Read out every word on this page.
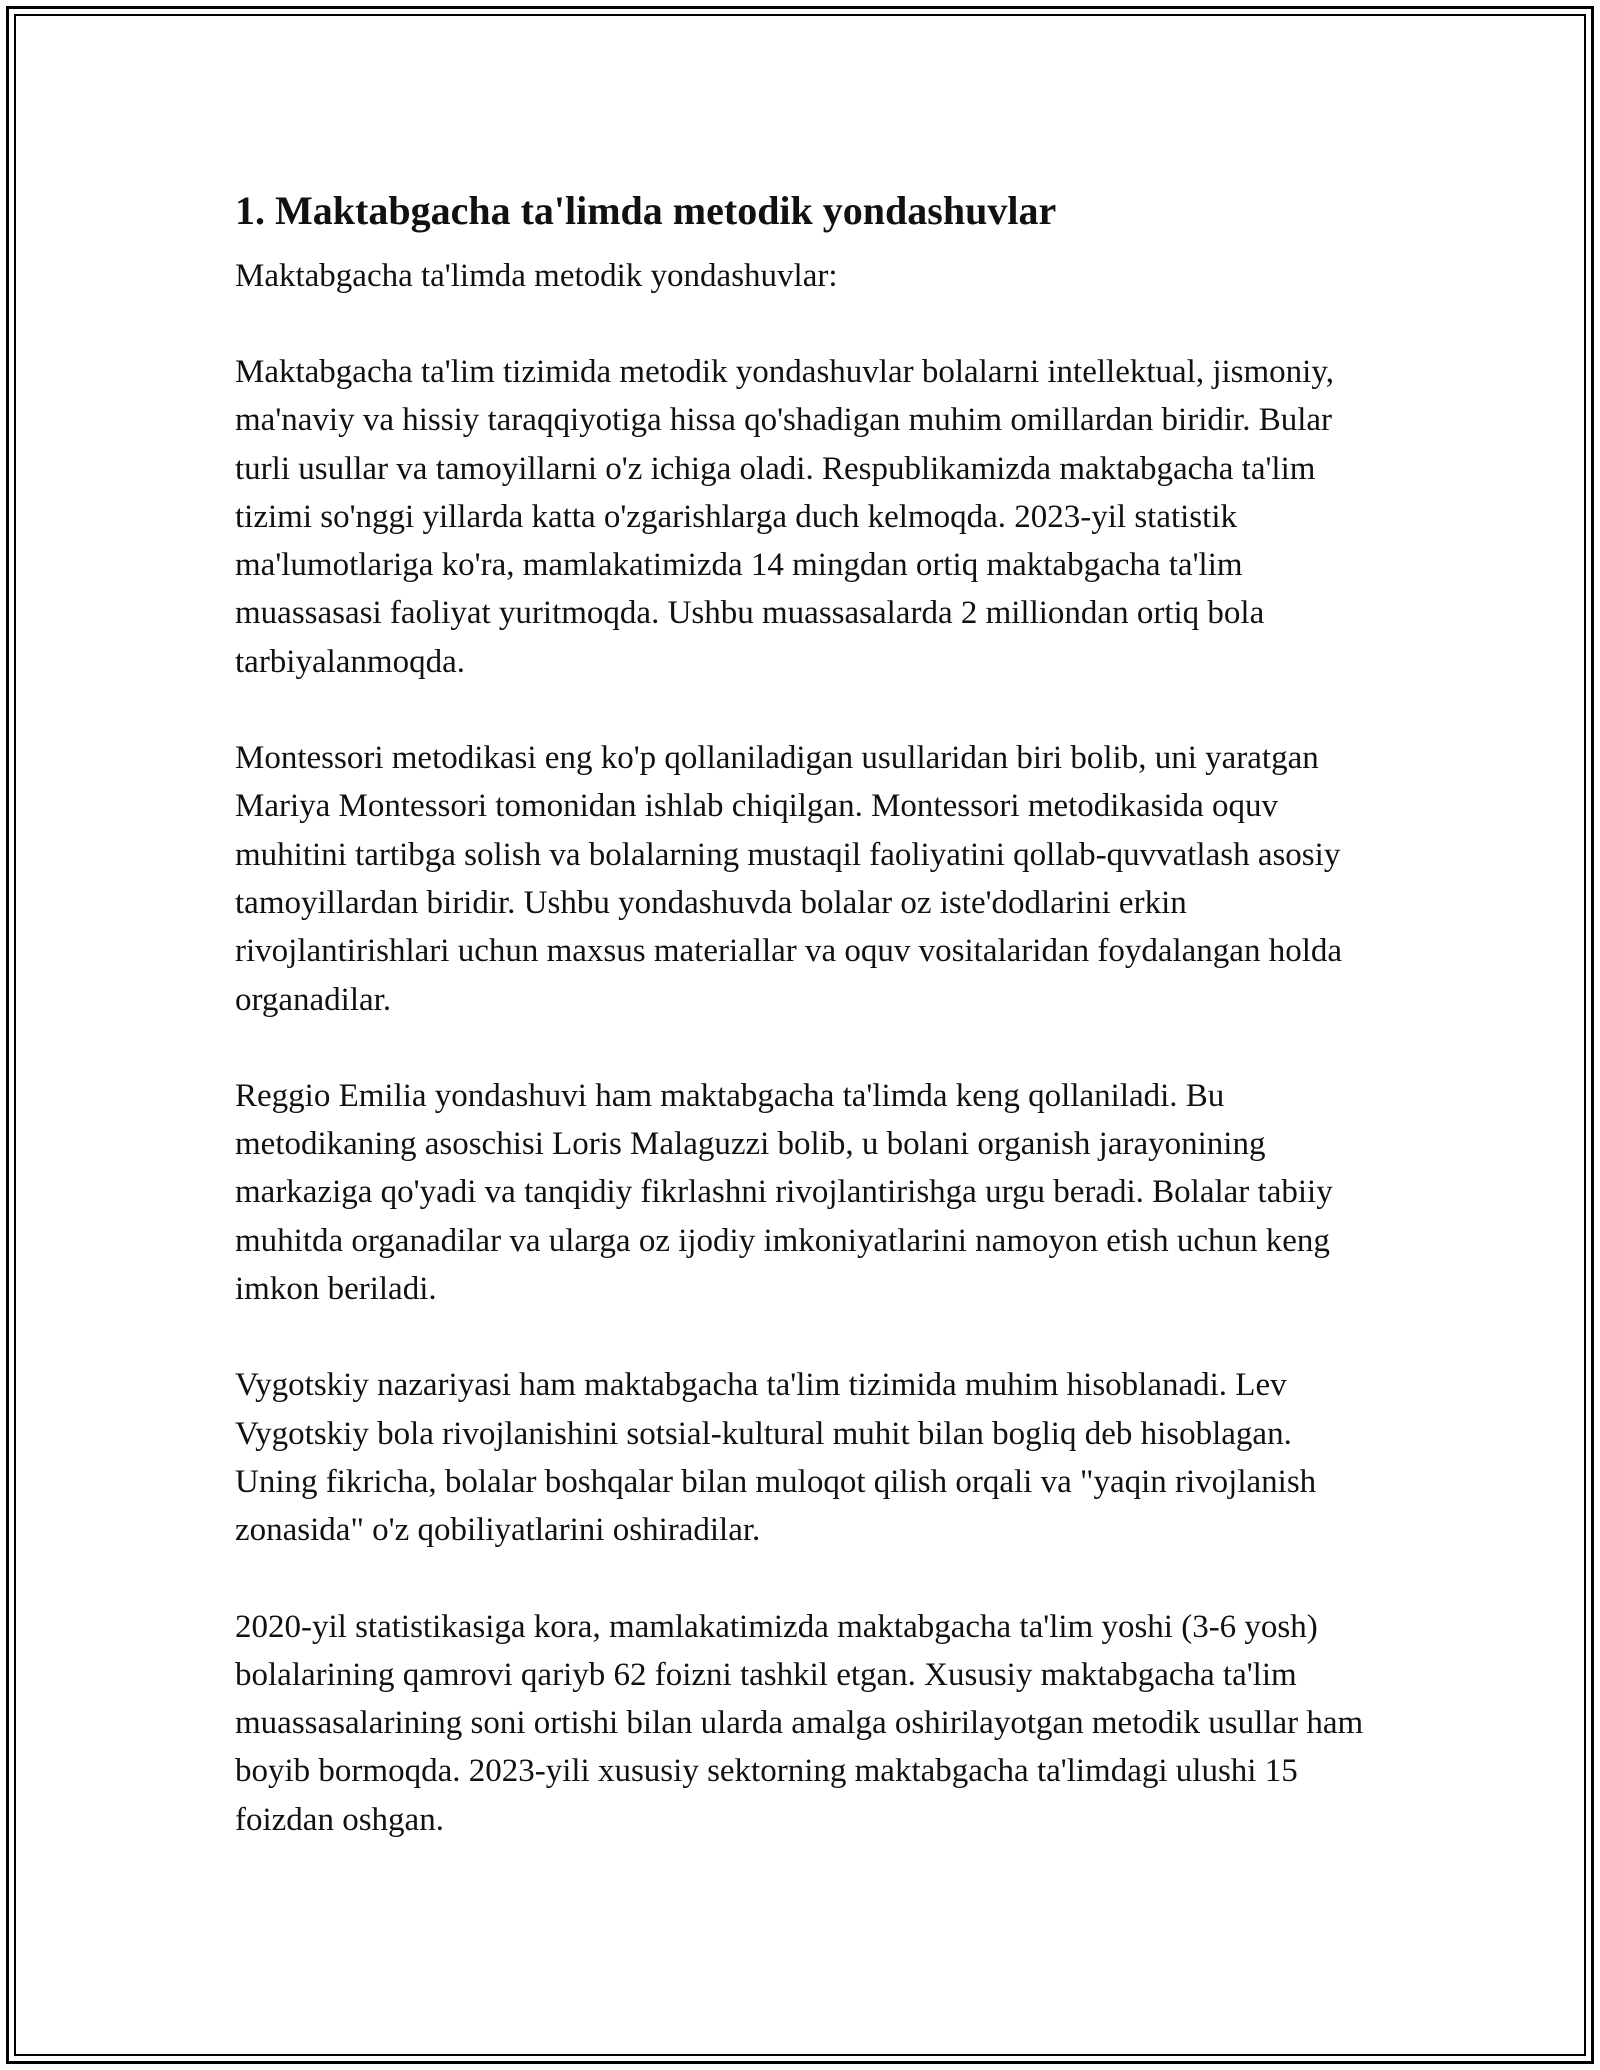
1. Maktabgacha ta'limda metodik yondashuvlar

Maktabgacha ta'limda metodik yondashuvlar:

Maktabgacha ta'lim tizimida metodik yondashuvlar bolalarni intellektual, jismoniy, ma'naviy va hissiy taraqqiyotiga hissa qo'shadigan muhim omillardan biridir. Bular turli usullar va tamoyillarni o'z ichiga oladi. Respublikamizda maktabgacha ta'lim tizimi so'nggi yillarda katta o'zgarishlarga duch kelmoqda. 2023-yil statistik ma'lumotlariga ko'ra, mamlakatimizda 14 mingdan ortiq maktabgacha ta'lim muassasasi faoliyat yuritmoqda. Ushbu muassasalarda 2 milliondan ortiq bola tarbiyalanmoqda.

Montessori metodikasi eng ko'p qollaniladigan usullaridan biri bolib, uni yaratgan Mariya Montessori tomonidan ishlab chiqilgan. Montessori metodikasida oquv muhitini tartibga solish va bolalarning mustaqil faoliyatini qollab-quvvatlash asosiy tamoyillardan biridir. Ushbu yondashuvda bolalar oz iste'dodlarini erkin rivojlantirishlari uchun maxsus materiallar va oquv vositalaridan foydalangan holda organadilar.

Reggio Emilia yondashuvi ham maktabgacha ta'limda keng qollaniladi. Bu metodikaning asoschisi Loris Malaguzzi bolib, u bolani organish jarayonining markaziga qo'yadi va tanqidiy fikrlashni rivojlantirishga urgu beradi. Bolalar tabiiy muhitda organadilar va ularga oz ijodiy imkoniyatlarini namoyon etish uchun keng imkon beriladi.

Vygotskiy nazariyasi ham maktabgacha ta'lim tizimida muhim hisoblanadi. Lev Vygotskiy bola rivojlanishini sotsial-kultural muhit bilan bogliq deb hisoblagan. Uning fikricha, bolalar boshqalar bilan muloqot qilish orqali va "yaqin rivojlanish zonasida" o'z qobiliyatlarini oshiradilar.

2020-yil statistikasiga kora, mamlakatimizda maktabgacha ta'lim yoshi (3-6 yosh) bolalarining qamrovi qariyb 62 foizni tashkil etgan. Xususiy maktabgacha ta'lim muassasalarining soni ortishi bilan ularda amalga oshirilayotgan metodik usullar ham boyib bormoqda. 2023-yili xususiy sektorning maktabgacha ta'limdagi ulushi 15 foizdan oshgan.
